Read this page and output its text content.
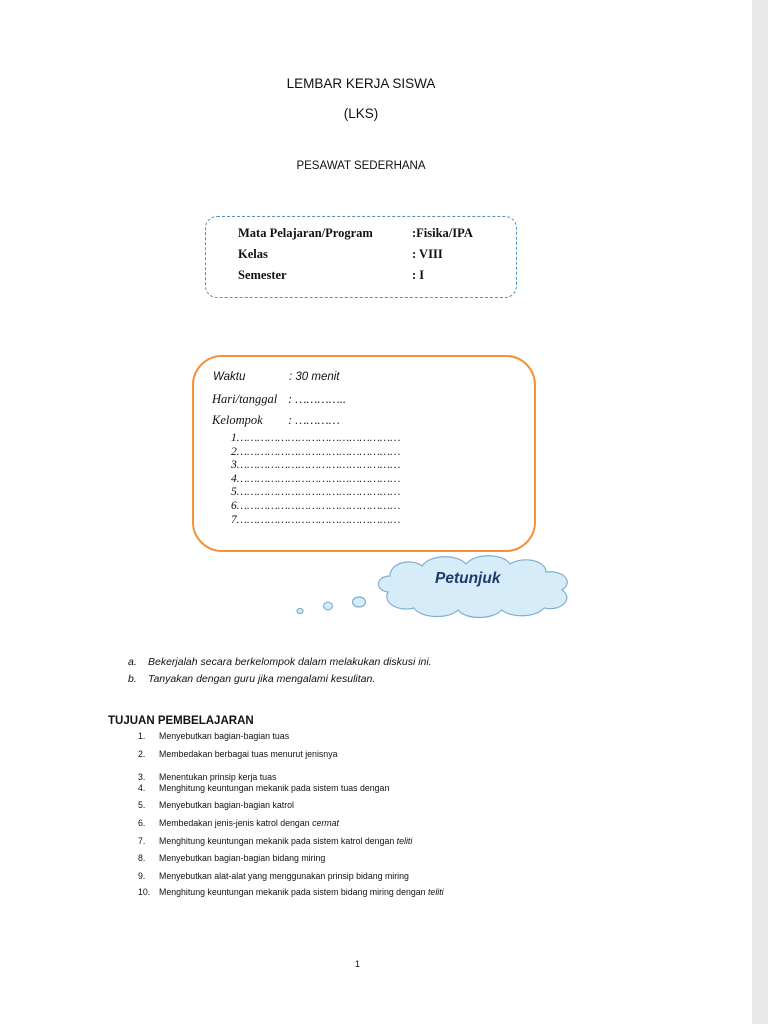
LEMBAR KERJA SISWA
(LKS)
PESAWAT SEDERHANA
Mata Pelajaran/Program	:Fisika/IPA
Kelas	: VIII
Semester	: I
Waktu	: 30 menit
Hari/tanggal : …………..
Kelompok : …………
1…………………………………………
2…………………………………………
3…………………………………………
4…………………………………………
5…………………………………………
6…………………………………………
7…………………………………………
Petunjuk
a. Bekerjalah secara berkelompok dalam melakukan diskusi ini.
b. Tanyakan dengan guru jika mengalami kesulitan.
TUJUAN PEMBELAJARAN
1. Menyebutkan bagian-bagian tuas
2. Membedakan berbagai tuas menurut jenisnya
3. Menentukan prinsip kerja tuas
4. Menghitung keuntungan mekanik pada sistem tuas dengan
5. Menyebutkan bagian-bagian katrol
6. Membedakan jenis-jenis katrol dengan cermat
7. Menghitung keuntungan mekanik pada sistem katrol dengan teliti
8. Menyebutkan bagian-bagian bidang miring
9. Menyebutkan alat-alat yang menggunakan prinsip bidang miring
10. Menghitung keuntungan mekanik pada sistem bidang miring dengan teliti
1
